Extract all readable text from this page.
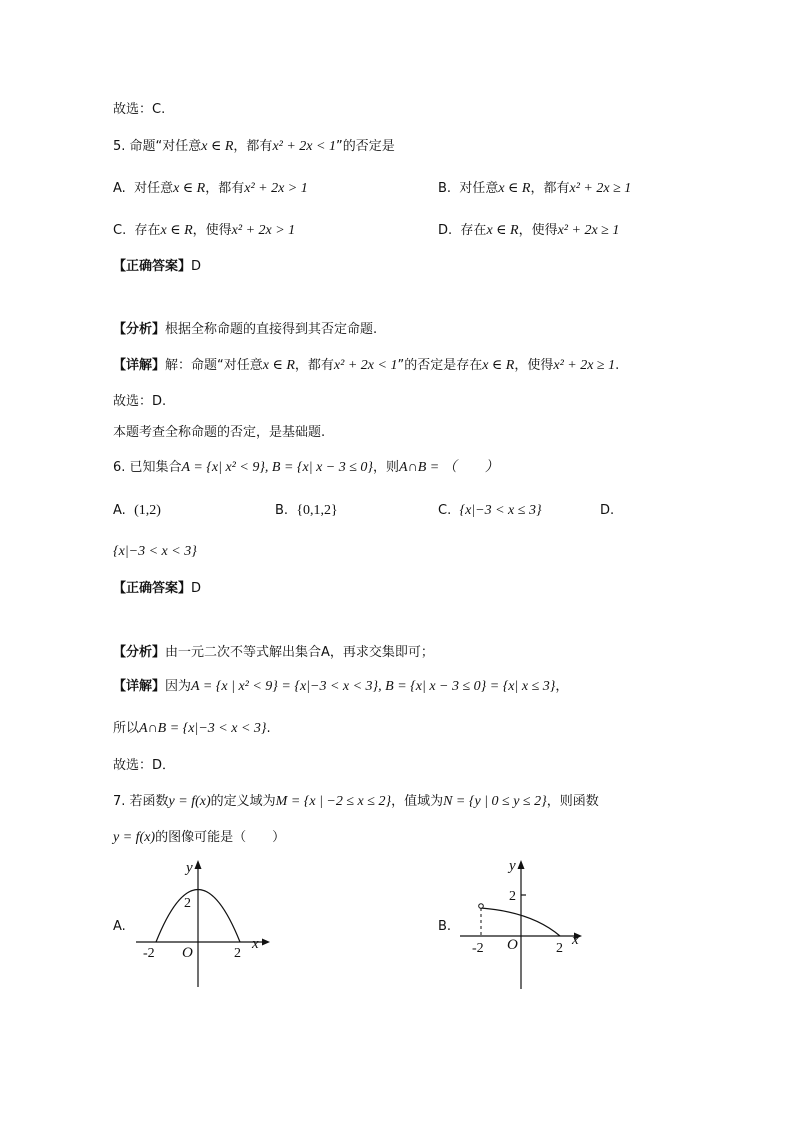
故选：C.
5. 命题“对任意x ∈ R，都有x² + 2x < 1”的否定是
A. 对任意x ∈ R，都有x² + 2x > 1	B. 对任意x ∈ R，都有x² + 2x ≥ 1
C. 存在x ∈ R，使得x² + 2x > 1	D. 存在x ∈ R，使得x² + 2x ≥ 1
【正确答案】D
【分析】根据全称命题的直接得到其否定命题.
【详解】解：命题“对任意x ∈ R，都有x² + 2x < 1”的否定是存在x ∈ R，使得x² + 2x ≥ 1.
故选：D.
本题考查全称命题的否定，是基础题.
6. 已知集合A = {x| x² < 9}, B = {x| x − 3 ≤ 0}，则A∩B = （　　）
A. (1,2)	B. {0,1,2}	C. {x|−3 < x ≤ 3}	D.
{x|−3 < x < 3}
【正确答案】D
【分析】由一元二次不等式解出集合A，再求交集即可；
【详解】因为A = {x | x² < 9} = {x|−3 < x < 3}, B = {x| x − 3 ≤ 0} = {x| x ≤ 3}，
所以A∩B = {x|−3 < x < 3}.
故选：D．
7. 若函数y = f(x)的定义域为M = {x | −2 ≤ x ≤ 2}，值域为N = {y | 0 ≤ y ≤ 2}，则函数
y = f(x)的图像可能是（　　）
A.
y
x
2
-2 O	2
B.
y
x
2
-2 O	2
